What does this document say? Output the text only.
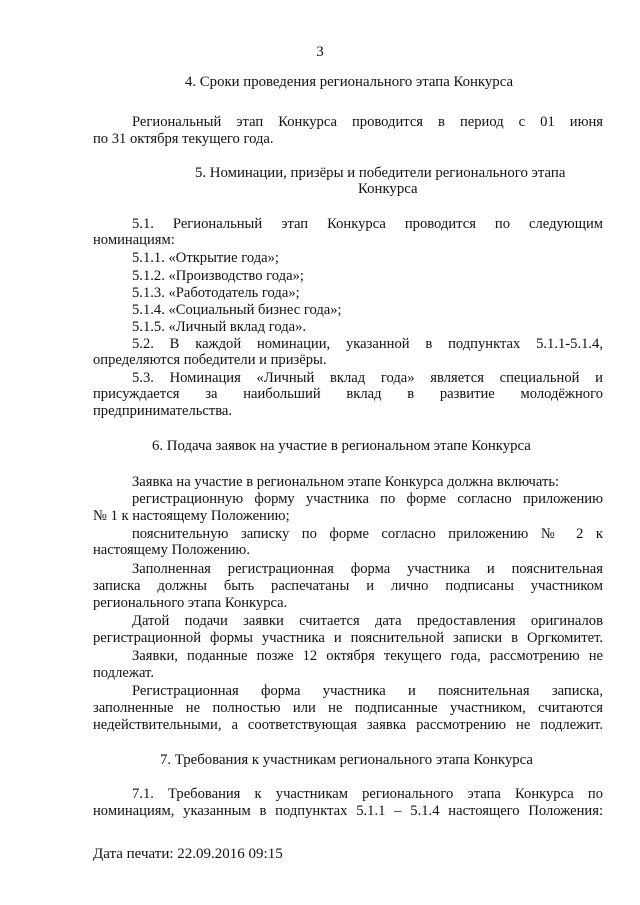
3
4. Сроки проведения регионального этапа Конкурса
Региональный этап Конкурса проводится в период с 01 июня
по 31 октября текущего года.
5. Номинации, призёры и победители регионального этапа
Конкурса
5.1. Региональный этап Конкурса проводится по следующим
номинациям:
5.1.1. «Открытие года»;
5.1.2. «Производство года»;
5.1.3. «Работодатель года»;
5.1.4. «Социальный бизнес года»;
5.1.5. «Личный вклад года».
5.2. В каждой номинации, указанной в подпунктах 5.1.1-5.1.4,
определяются победители и призёры.
5.3. Номинация «Личный вклад года» является специальной и
присуждается за наибольший вклад в развитие молодёжного
предпринимательства.
6. Подача заявок на участие в региональном этапе Конкурса
Заявка на участие в региональном этапе Конкурса должна включать:
регистрационную форму участника по форме согласно приложению
№ 1 к настоящему Положению;
пояснительную записку по форме согласно приложению № 2 к
настоящему Положению.
Заполненная регистрационная форма участника и пояснительная
записка должны быть распечатаны и лично подписаны участником
регионального этапа Конкурса.
Датой подачи заявки считается дата предоставления оригиналов
регистрационной формы участника и пояснительной записки в Оргкомитет.
Заявки, поданные позже 12 октября текущего года, рассмотрению не
подлежат.
Регистрационная форма участника и пояснительная записка,
заполненные не полностью или не подписанные участником, считаются
недействительными, а соответствующая заявка рассмотрению не подлежит.
7. Требования к участникам регионального этапа Конкурса
7.1. Требования к участникам регионального этапа Конкурса по
номинациям, указанным в подпунктах 5.1.1 – 5.1.4 настоящего Положения:
Дата печати: 22.09.2016 09:15
